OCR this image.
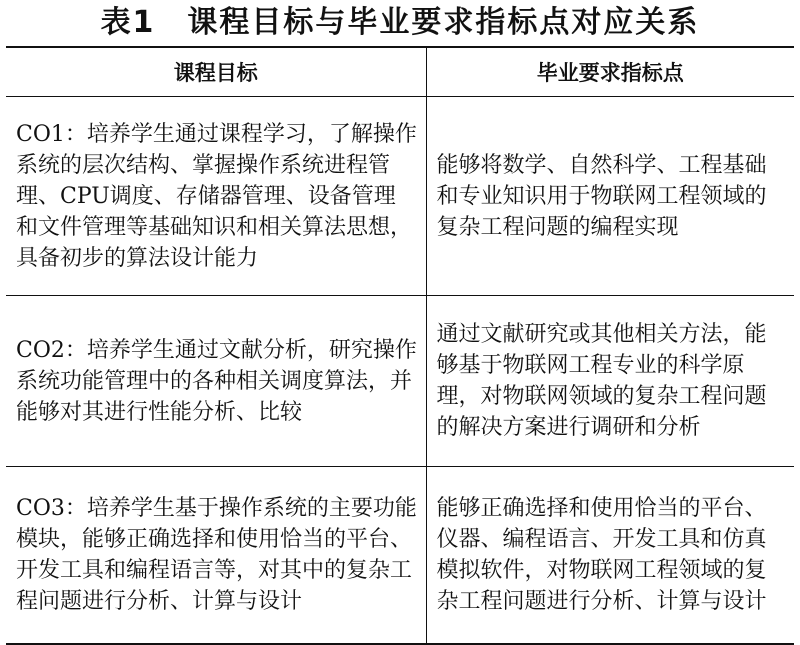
表1　课程目标与毕业要求指标点对应关系
课程目标	毕业要求指标点
CO1：培养学生通过课程学习，了解操作系统的层次结构、掌握操作系统进程管理、CPU调度、存储器管理、设备管理和文件管理等基础知识和相关算法思想，具备初步的算法设计能力	能够将数学、自然科学、工程基础和专业知识用于物联网工程领域的复杂工程问题的编程实现
CO2：培养学生通过文献分析，研究操作系统功能管理中的各种相关调度算法，并能够对其进行性能分析、比较	通过文献研究或其他相关方法，能够基于物联网工程专业的科学原理，对物联网领域的复杂工程问题的解决方案进行调研和分析
CO3：培养学生基于操作系统的主要功能模块，能够正确选择和使用恰当的平台、开发工具和编程语言等，对其中的复杂工程问题进行分析、计算与设计	能够正确选择和使用恰当的平台、仪器、编程语言、开发工具和仿真模拟软件，对物联网工程领域的复杂工程问题进行分析、计算与设计
